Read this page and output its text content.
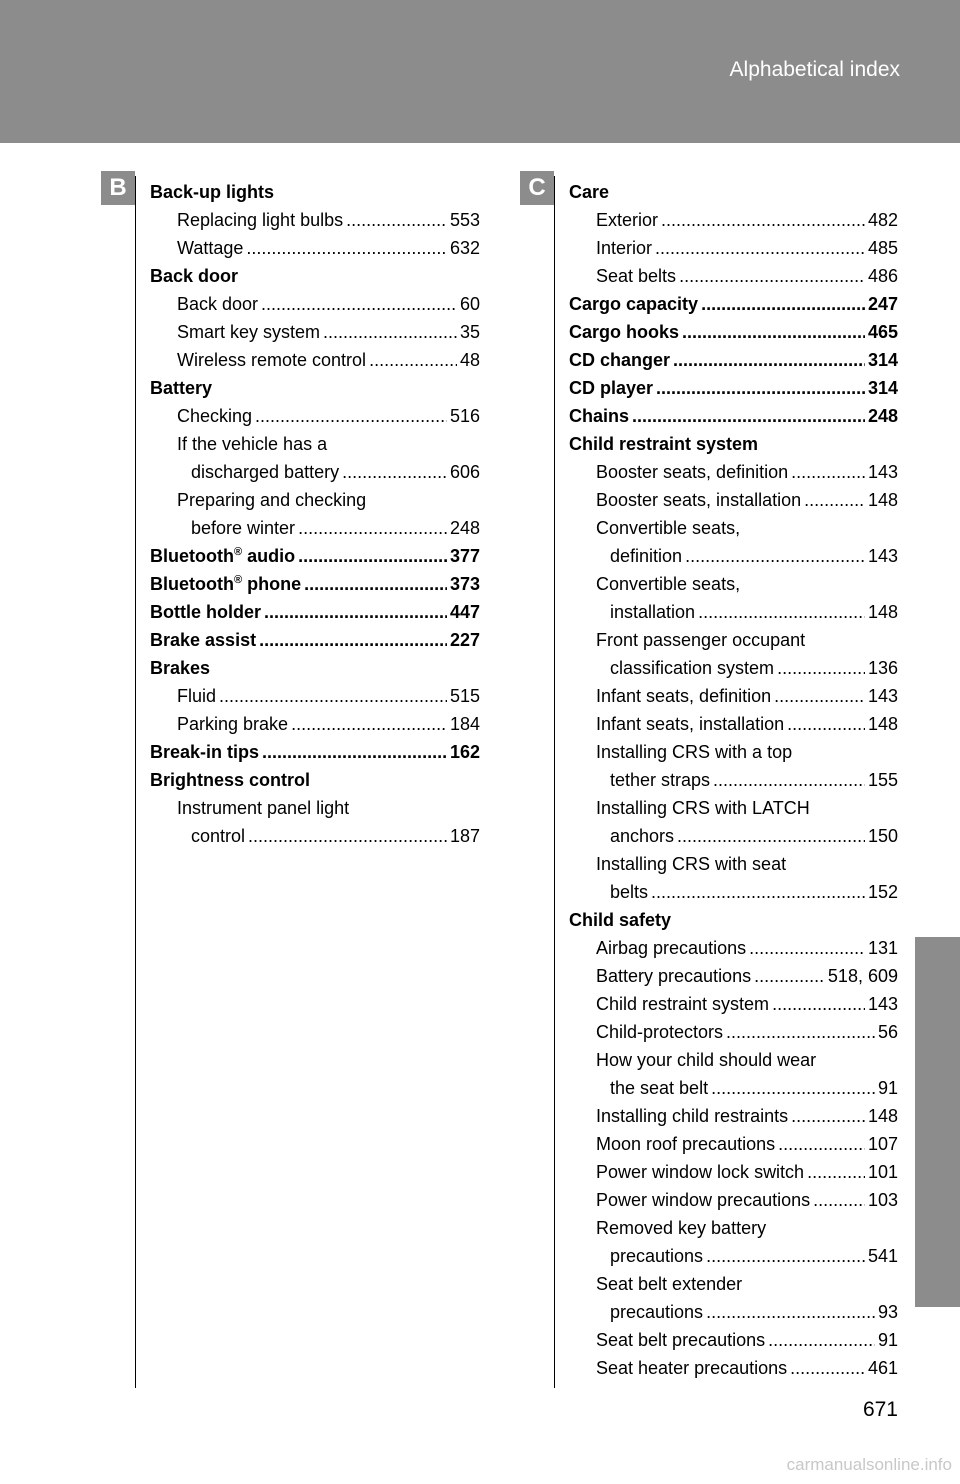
Alphabetical index
B	C
Back-up lights
Replacing light bulbs .....	553
Wattage .....	632
Back door
Back door .....	60
Smart key system .....	35
Wireless remote control .....	48
Battery
Checking .....	516
If the vehicle has a
discharged battery .....	606
Preparing and checking
before winter .....	248
Bluetooth® audio .....	377
Bluetooth® phone .....	373
Bottle holder .....	447
Brake assist .....	227
Brakes
Fluid .....	515
Parking brake .....	184
Break-in tips .....	162
Brightness control
Instrument panel light
control .....	187
Care
Exterior .....	482
Interior .....	485
Seat belts .....	486
Cargo capacity .....	247
Cargo hooks .....	465
CD changer .....	314
CD player .....	314
Chains .....	248
Child restraint system
Booster seats, definition .....	143
Booster seats, installation .....	148
Convertible seats,
definition .....	143
Convertible seats,
installation .....	148
Front passenger occupant
classification system .....	136
Infant seats, definition .....	143
Infant seats, installation .....	148
Installing CRS with a top
tether straps .....	155
Installing CRS with LATCH
anchors .....	150
Installing CRS with seat
belts .....	152
Child safety
Airbag precautions .....	131
Battery precautions .....	518, 609
Child restraint system .....	143
Child-protectors .....	56
How your child should wear
the seat belt .....	91
Installing child restraints .....	148
Moon roof precautions .....	107
Power window lock switch .....	101
Power window precautions .....	103
Removed key battery
precautions .....	541
Seat belt extender
precautions .....	93
Seat belt precautions .....	91
Seat heater precautions .....	461
671
carmanualsonline.info
